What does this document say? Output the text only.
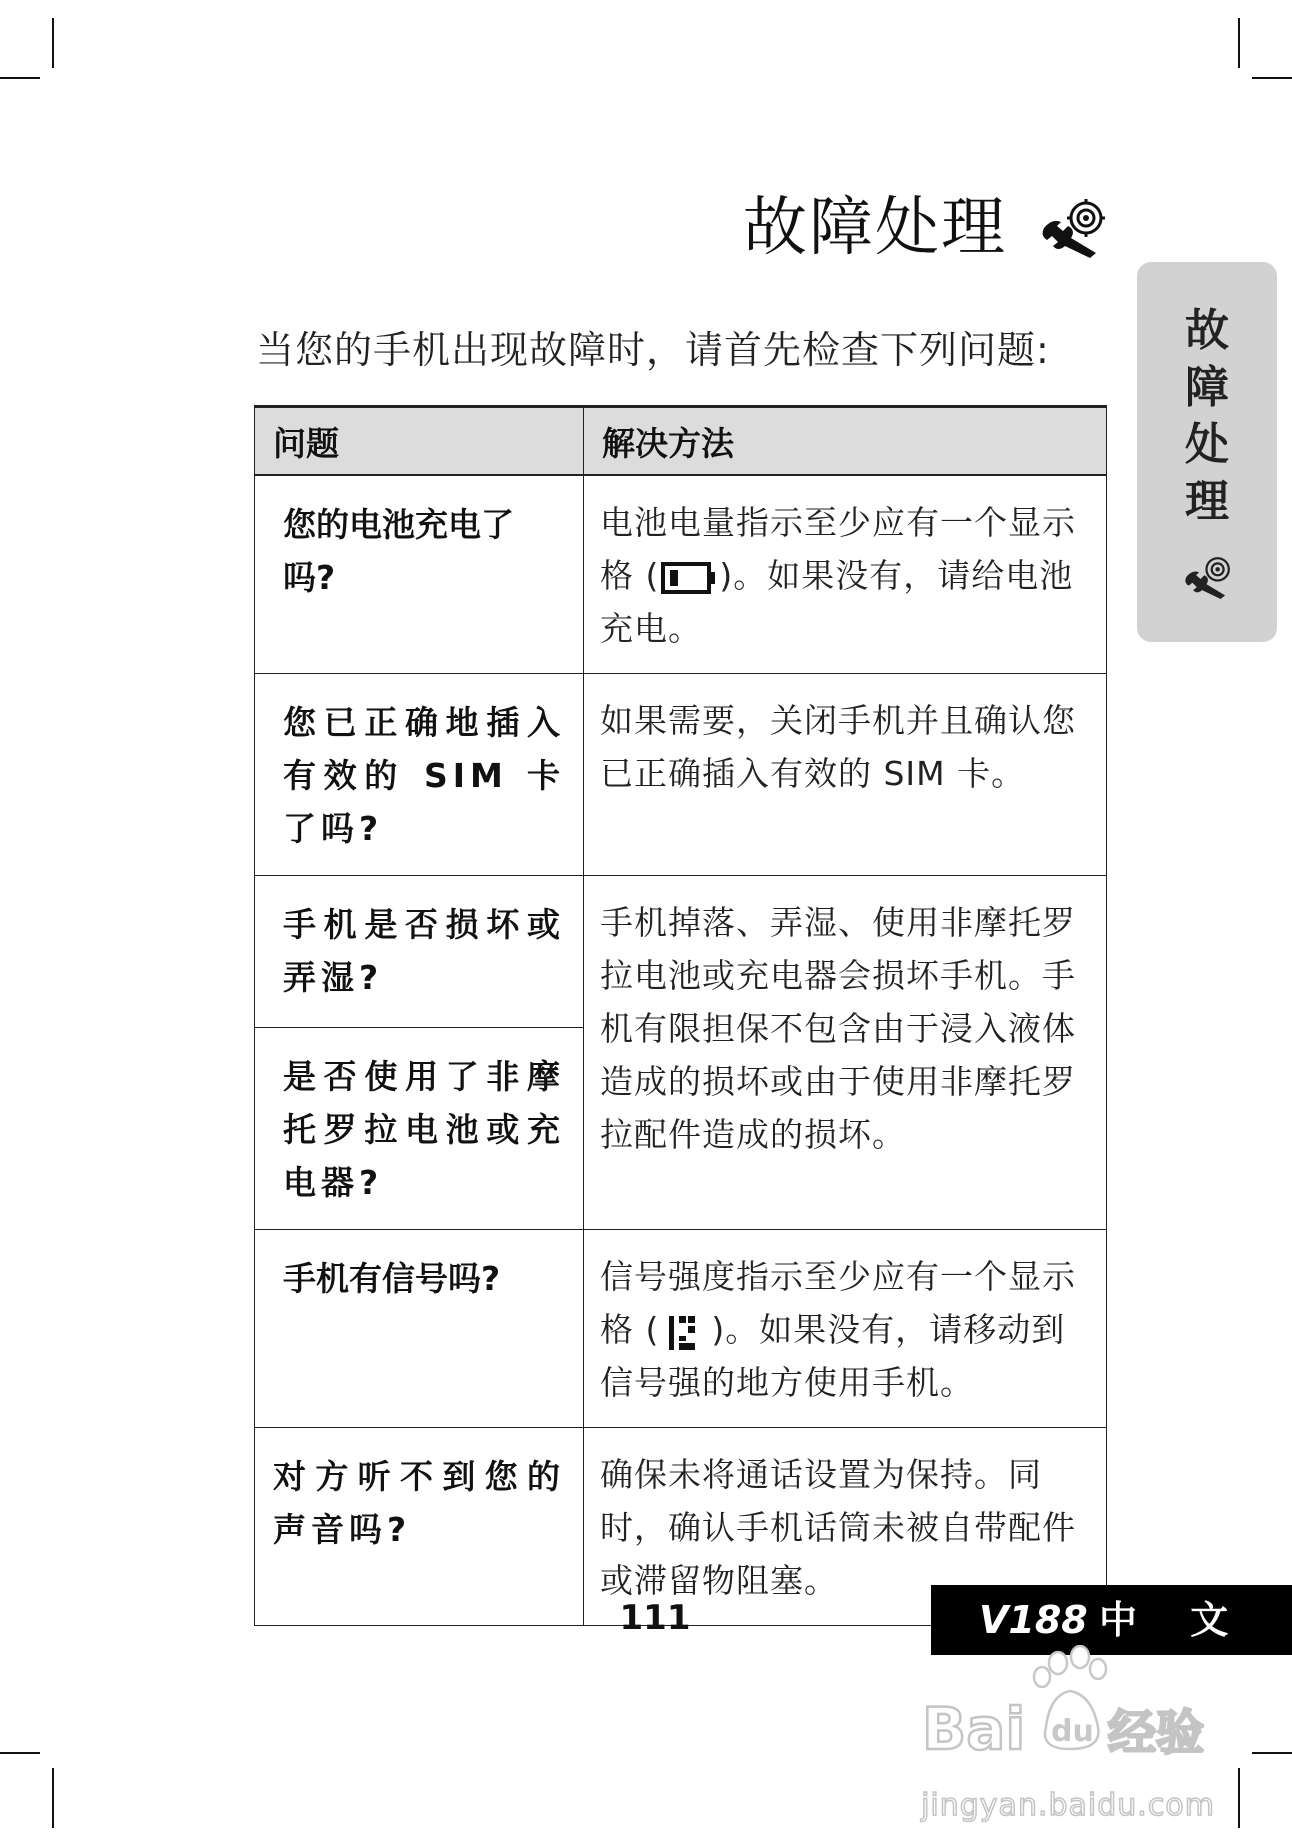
故障处理
故
障
处
理
当您的手机出现故障时，请首先检查下列问题:
问题	解决方法
您的电池充电了吗?	电池电量指示至少应有一个显示格 ( )。如果没有，请给电池充电。
您已正确地插入有效的 SIM 卡了吗?	如果需要，关闭手机并且确认您已正确插入有效的 SIM 卡。
手机是否损坏或弄湿?	手机掉落、弄湿、使用非摩托罗拉电池或充电器会损坏手机。手机有限担保不包含由于浸入液体造成的损坏或由于使用非摩托罗拉配件造成的损坏。
是否使用了非摩托罗拉电池或充电器?	
手机有信号吗?	信号强度指示至少应有一个显示格 ( )。如果没有，请移动到信号强的地方使用手机。
对方听不到您的声音吗?	确保未将通话设置为保持。同时，确认手机话筒未被自带配件或滞留物阻塞。
111	V188 中 文
Bai du 经验
jingyan.baidu.com
